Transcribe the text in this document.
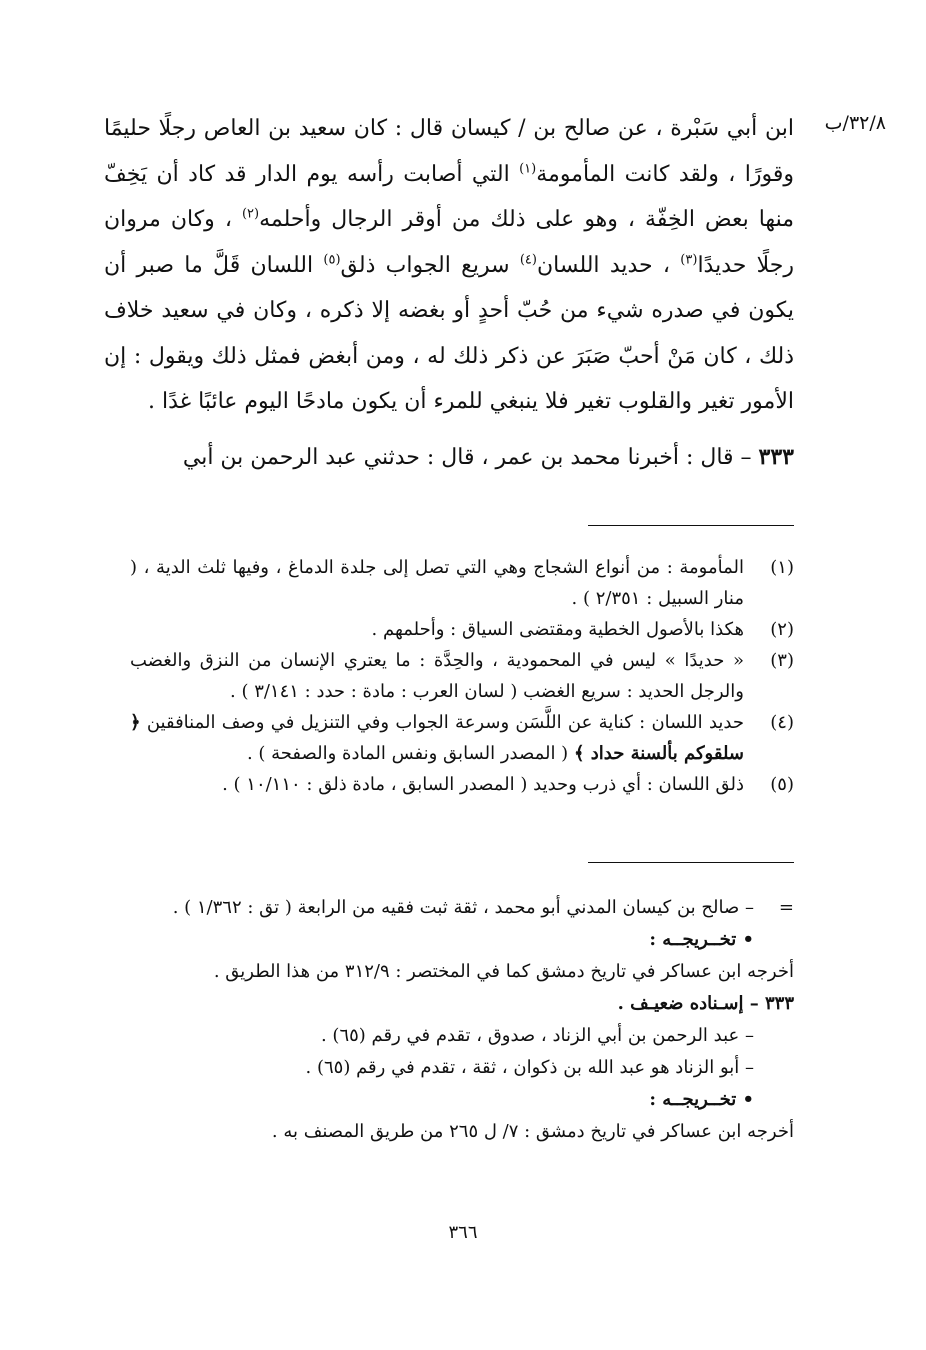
٣٢/٨/ب

ابن أبي سَبْرة ، عن صالح بن / كيسان قال : كان سعيد بن العاص رجلًا حليمًا وقورًا ، ولقد كانت المأمومة$^{(١)}$ التي أصابت رأسه يوم الدار قد كاد أن يَخِفّ منها بعض الخِفّة ، وهو على ذلك من أوقر الرجال وأحلمه$^{(٢)}$ ، وكان مروان رجلًا حديدًا$^{(٣)}$ ، حديد اللسان$^{(٤)}$ سريع الجواب ذلق$^{(٥)}$ اللسان قَلَّ ما صبر أن يكون في صدره شيء من حُبّ أحدٍ أو بغضه إلا ذكره ، وكان في سعيد خلاف ذلك ، كان مَنْ أحبّ صَبَرَ عن ذكر ذلك له ، ومن أبغض فمثل ذلك ويقول : إن الأمور تغير والقلوب تغير فلا ينبغي للمرء أن يكون مادحًا اليوم عائبًا غدًا .

٣٣٣ – قال : أخبرنا محمد بن عمر ، قال : حدثني عبد الرحمن بن أبي

(١)
المأمومة : من أنواع الشجاج وهي التي تصل إلى جلدة الدماغ ، وفيها ثلث الدية ، ( منار السبيل : ٢/٣٥١ ) .
(٢)
هكذا بالأصول الخطية ومقتضى السياق : وأحلمهم .
(٣)
« حديدًا » ليس في المحمودية ، والحِدَّة : ما يعتري الإنسان من النزق والغضب والرجل الحديد : سريع الغضب ( لسان العرب : مادة : حدد : ٣/١٤١ ) .
(٤)
حديد اللسان : كناية عن اللَّسَن وسرعة الجواب وفي التنزيل في وصف المنافقين ﴿ سلقوكم بألسنة حداد ﴾ ( المصدر السابق ونفس المادة والصفحة ) .
(٥)
ذلق اللسان : أي ذرب وحديد ( المصدر السابق ، مادة ذلق : ١٠/١١٠ ) .
=
– صالح بن كيسان المدني أبو محمد ، ثقة ثبت فقيه من الرابعة ( تق : ١/٣٦٢ ) .
• تخــريجــه :
أخرجه ابن عساكر في تاريخ دمشق كما في المختصر : ٣١٢/٩ من هذا الطريق .
٣٣٣ – إسـناده ضعيـف .
– عبد الرحمن بن أبي الزناد ، صدوق ، تقدم في رقم (٦٥) .
– أبو الزناد هو عبد الله بن ذكوان ، ثقة ، تقدم في رقم (٦٥) .
• تخــريجــه :
أخرجه ابن عساكر في تاريخ دمشق : ٧/ ل ٢٦٥ من طريق المصنف به .
٣٦٦
